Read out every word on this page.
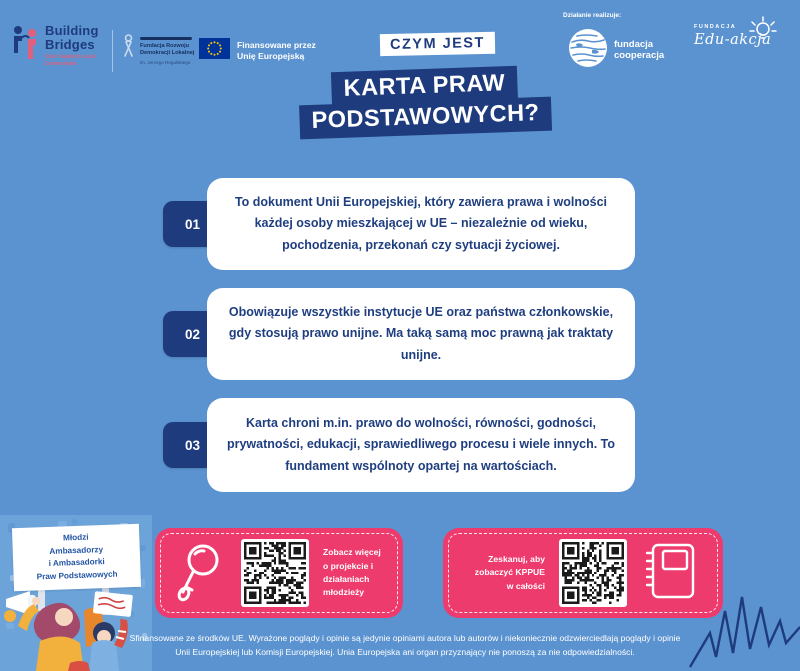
Building
Bridges
Civic Capital in Local
Communities
Fundacja Rozwoju
Demokracji Lokalnej
im. Jerzego Regulskiego
Finansowane przez
Unię Europejską
Działanie realizuje:
fundacja
cooperacja
FUNDACJA
Edu-akcja
CZYM JEST
KARTA PRAW
PODSTAWOWYCH?
01

To dokument Unii Europejskiej, który zawiera prawa i wolności każdej osoby mieszkającej w UE – niezależnie od wieku, pochodzenia, przekonań czy sytuacji życiowej.

02

Obowiązuje wszystkie instytucje UE oraz państwa członkowskie, gdy stosują prawo unijne. Ma taką samą moc prawną jak traktaty unijne.

03

Karta chroni m.in. prawo do wolności, równości, godności, prywatności, edukacji, sprawiedliwego procesu i wiele innych. To fundament wspólnoty opartej na wartościach.

Młodzi
Ambasadorzy
i Ambasadorki
Praw Podstawowych
Zobacz więcej o projekcie i działaniach młodzieży
Zeskanuj, aby zobaczyć KPPUE w całości
Sfinansowane ze środków UE. Wyrażone poglądy i opinie są jedynie opiniami autora lub autorów i niekoniecznie odzwierciedlają poglądy i opinie
Unii Europejskiej lub Komisji Europejskiej. Unia Europejska ani organ przyznający nie ponoszą za nie odpowiedzialności.
